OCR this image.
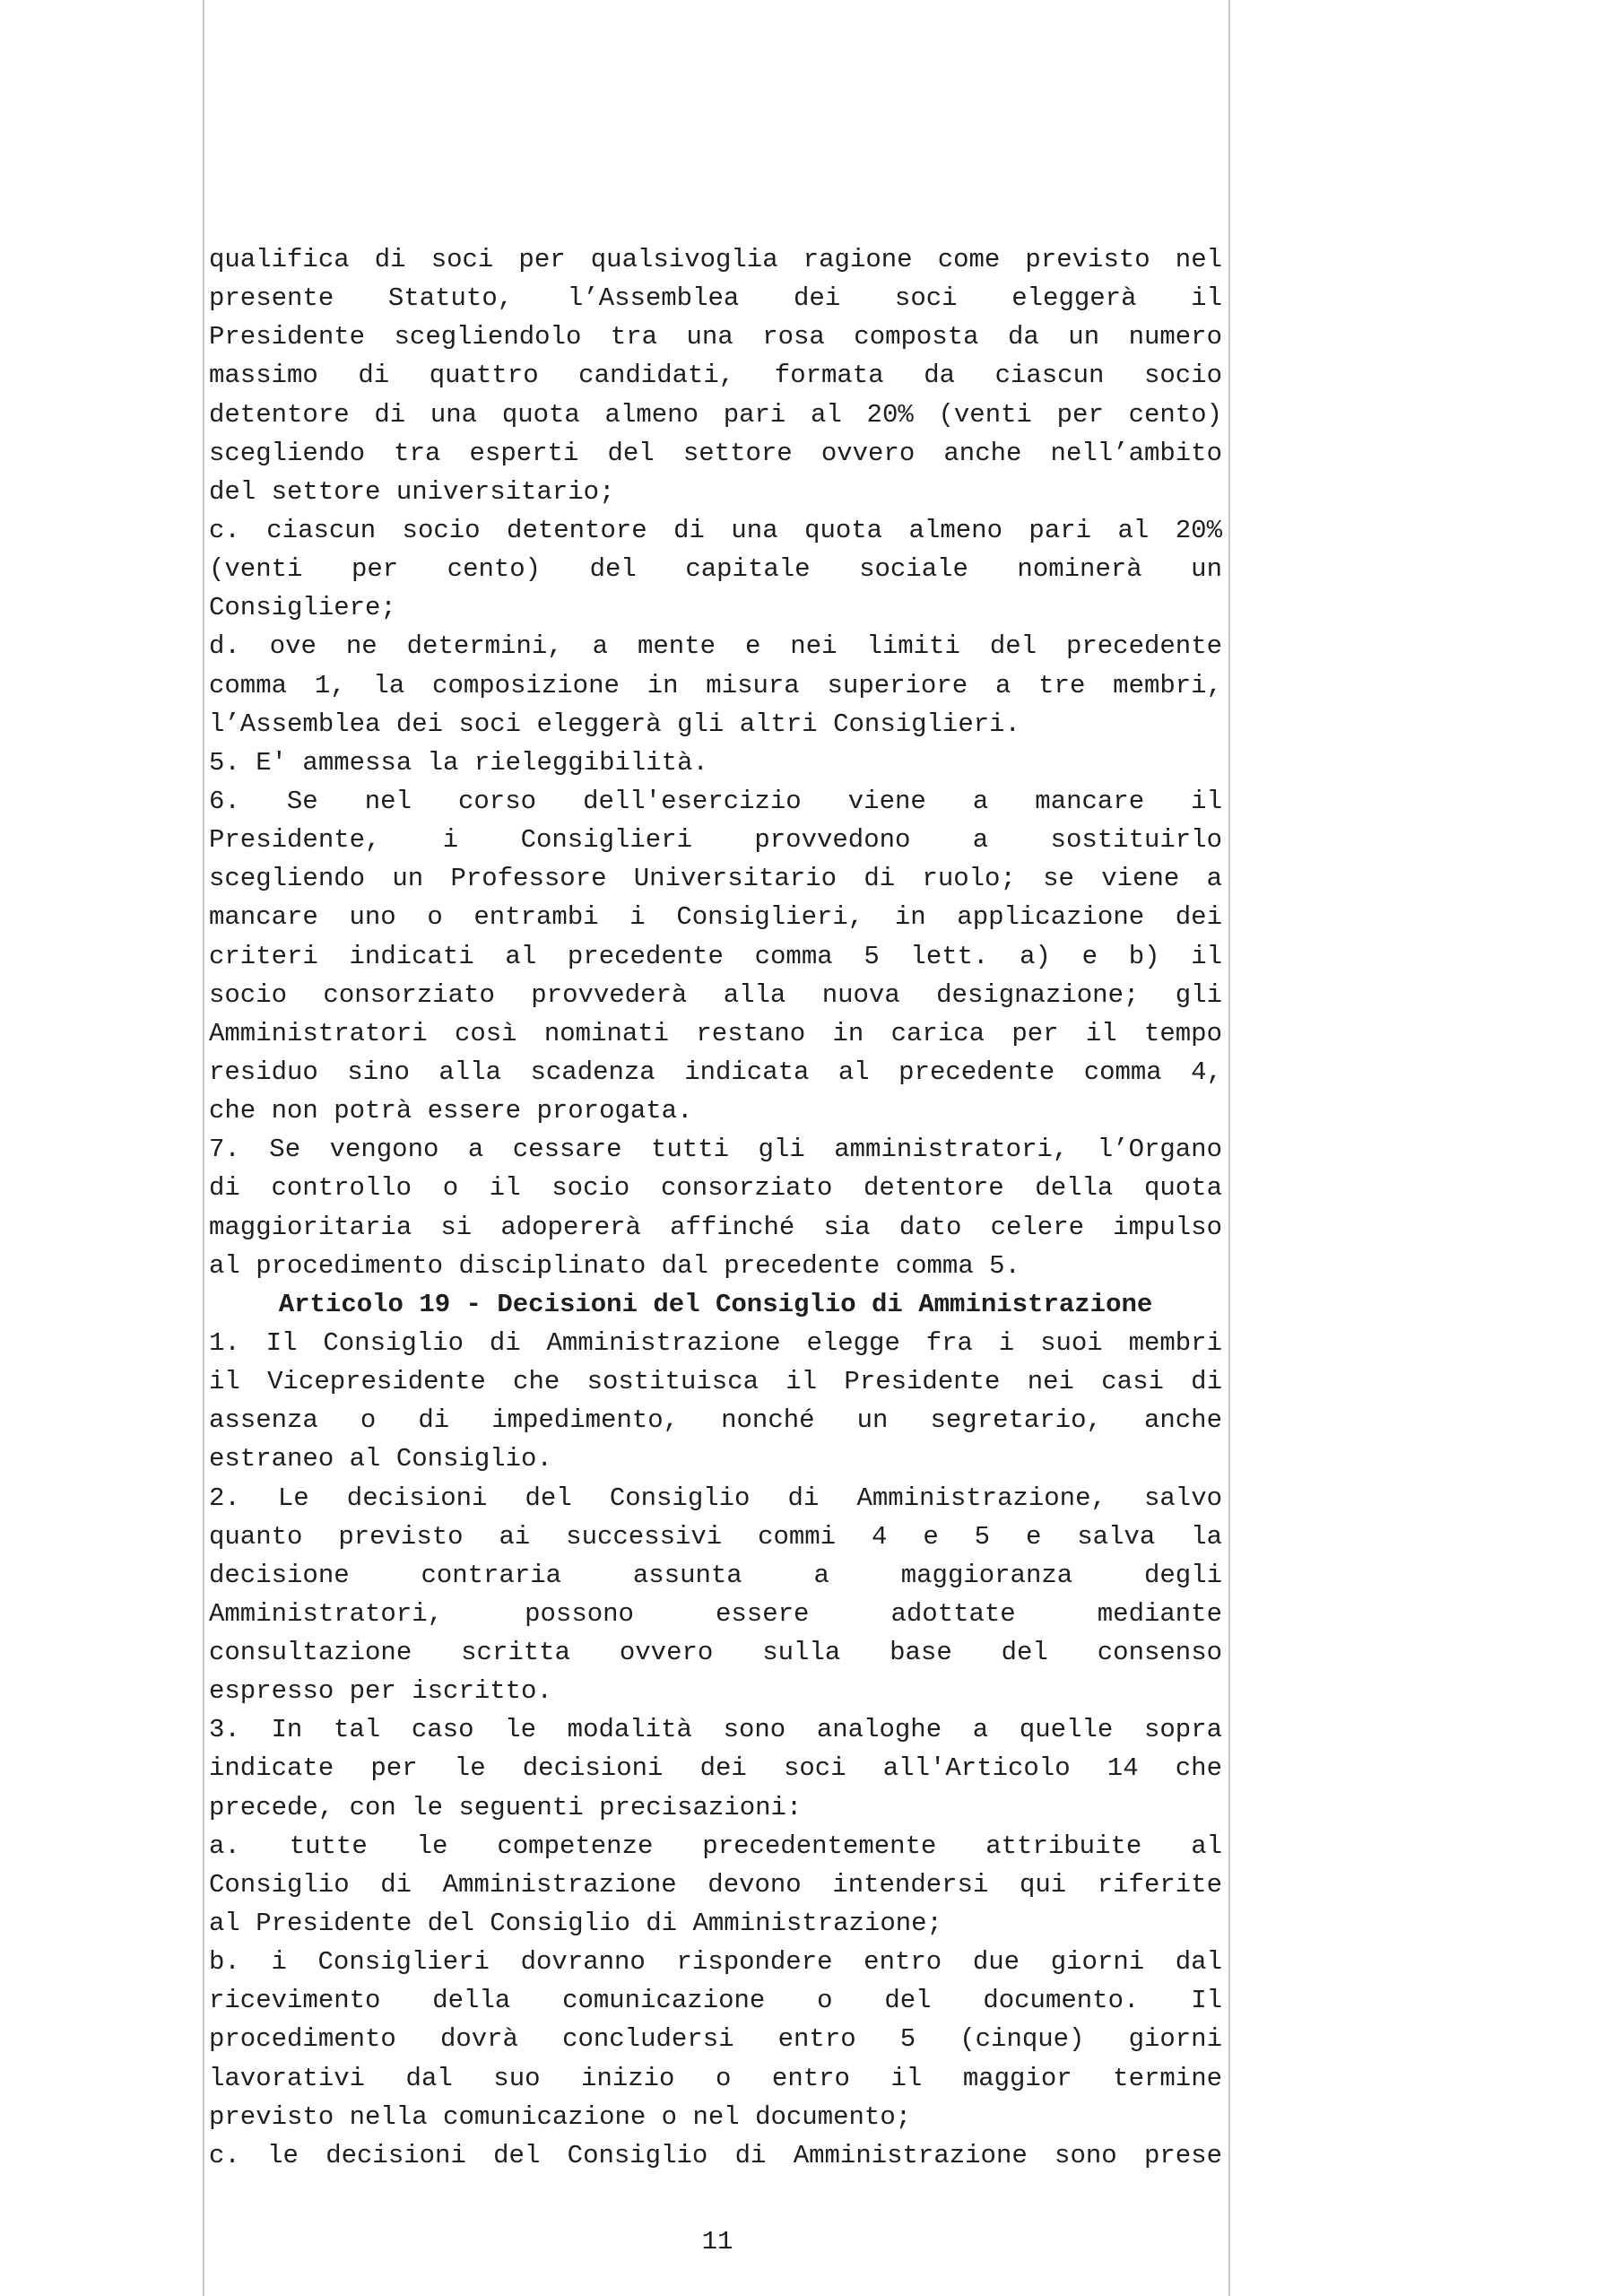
qualifica di soci per qualsivoglia ragione come previsto nel
presente Statuto, l’Assemblea dei soci eleggerà il
Presidente scegliendolo tra una rosa composta da un numero
massimo di quattro candidati, formata da ciascun socio
detentore di una quota almeno pari al 20% (venti per cento)
scegliendo tra esperti del settore ovvero anche nell’ambito
del settore universitario;
c. ciascun socio detentore di una quota almeno pari al 20%
(venti per cento) del capitale sociale nominerà un
Consigliere;
d. ove ne determini, a mente e nei limiti del precedente
comma 1, la composizione in misura superiore a tre membri,
l’Assemblea dei soci eleggerà gli altri Consiglieri.
5. E' ammessa la rieleggibilità.
6. Se nel corso dell'esercizio viene a mancare il
Presidente, i Consiglieri provvedono a sostituirlo
scegliendo un Professore Universitario di ruolo; se viene a
mancare uno o entrambi i Consiglieri, in applicazione dei
criteri indicati al precedente comma 5 lett. a) e b) il
socio consorziato provvederà alla nuova designazione; gli
Amministratori così nominati restano in carica per il tempo
residuo sino alla scadenza indicata al precedente comma 4,
che non potrà essere prorogata.
7. Se vengono a cessare tutti gli amministratori, l’Organo
di controllo o il socio consorziato detentore della quota
maggioritaria si adopererà affinché sia dato celere impulso
al procedimento disciplinato dal precedente comma 5.
Articolo 19 - Decisioni del Consiglio di Amministrazione
1. Il Consiglio di Amministrazione elegge fra i suoi membri
il Vicepresidente che sostituisca il Presidente nei casi di
assenza o di impedimento, nonché un segretario, anche
estraneo al Consiglio.
2. Le decisioni del Consiglio di Amministrazione, salvo
quanto previsto ai successivi commi 4 e 5 e salva la
decisione contraria assunta a maggioranza degli
Amministratori, possono essere adottate mediante
consultazione scritta ovvero sulla base del consenso
espresso per iscritto.
3. In tal caso le modalità sono analoghe a quelle sopra
indicate per le decisioni dei soci all'Articolo 14 che
precede, con le seguenti precisazioni:
a. tutte le competenze precedentemente attribuite al
Consiglio di Amministrazione devono intendersi qui riferite
al Presidente del Consiglio di Amministrazione;
b. i Consiglieri dovranno rispondere entro due giorni dal
ricevimento della comunicazione o del documento. Il
procedimento dovrà concludersi entro 5 (cinque) giorni
lavorativi dal suo inizio o entro il maggior termine
previsto nella comunicazione o nel documento;
c. le decisioni del Consiglio di Amministrazione sono prese
11
